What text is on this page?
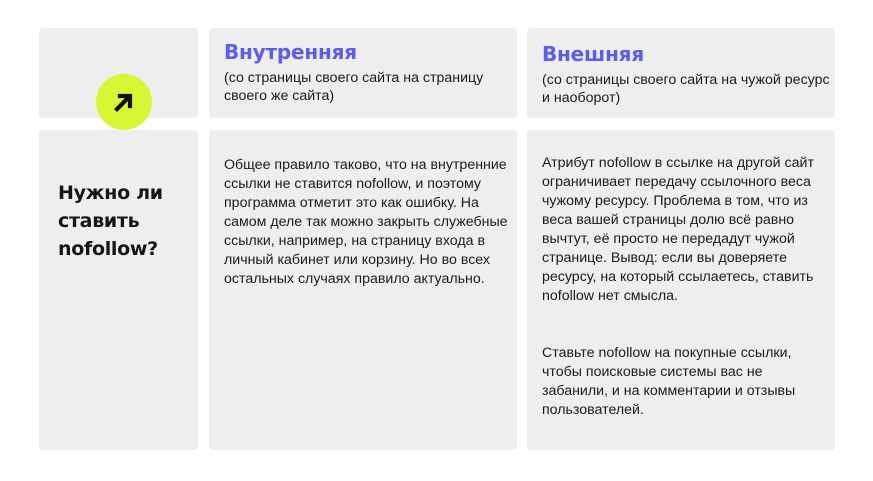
Внутренняя
(со страницы своего сайта на страницу своего же сайта)
Внешняя
(со страницы своего сайта на чужой ресурс и наоборот)
Нужно ли ставить nofollow?
Общее правило таково, что на внутренние ссылки не ставится nofollow, и поэтому программа отметит это как ошибку. На самом деле так можно закрыть служебные ссылки, например, на страницу входа в личный кабинет или корзину. Но во всех остальных случаях правило актуально.
Атрибут nofollow в ссылке на другой сайт ограничивает передачу ссылочного веса чужому ресурсу. Проблема в том, что из веса вашей страницы долю всё равно вычтут, её просто не передадут чужой странице. Вывод: если вы доверяете ресурсу, на который ссылаетесь, ставить nofollow нет смысла.
Ставьте nofollow на покупные ссылки, чтобы поисковые системы вас не забанили, и на комментарии и отзывы пользователей.
